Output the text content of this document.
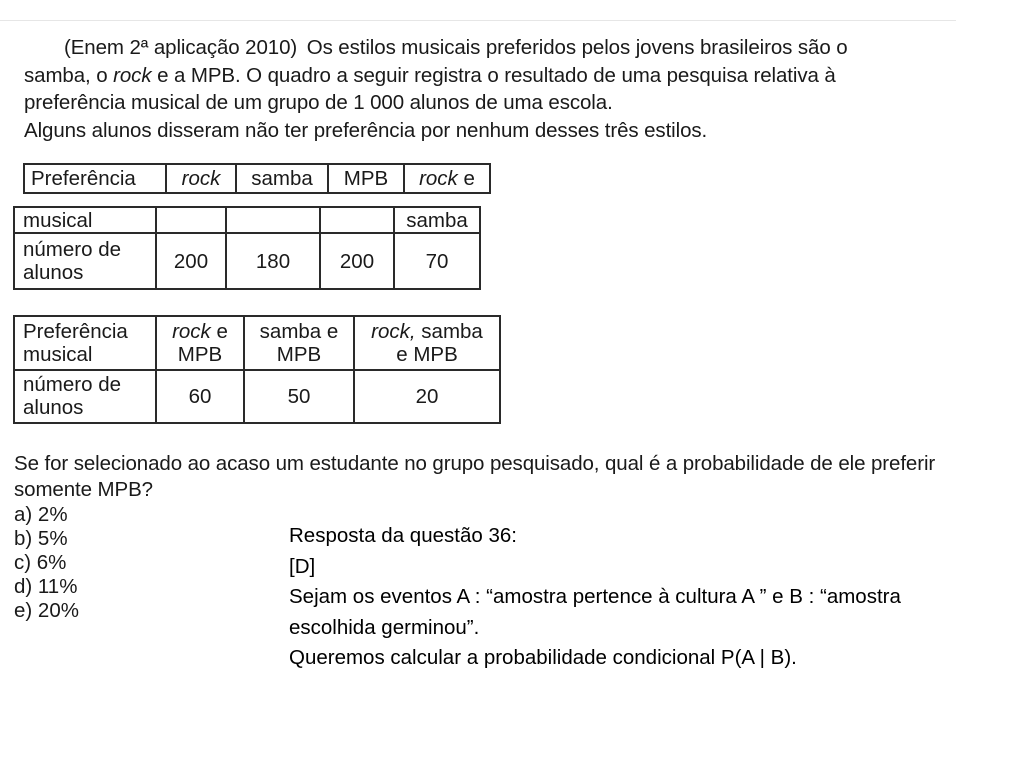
(Enem 2ª aplicação 2010) Os estilos musicais preferidos pelos jovens brasileiros são o

samba, o rock e a MPB. O quadro a seguir registra o resultado de uma pesquisa relativa à

preferência musical de um grupo de 1 000 alunos de uma escola.

Alguns alunos disseram não ter preferência por nenhum desses três estilos.

Preferência	rock	samba	MPB	rock e
musical				samba
número de alunos	200	180	200	70
Preferência musical	rock e MPB	samba e MPB	rock, samba e MPB
número de alunos	60	50	20
Se for selecionado ao acaso um estudante no grupo pesquisado, qual é a probabilidade de ele preferir somente MPB?
a) 2%
b) 5%
c) 6%
d) 11%
e) 20%
Resposta da questão 36:
[D]
Sejam os eventos A : “amostra pertence à cultura A ” e B : “amostra
escolhida germinou”.
Queremos calcular a probabilidade condicional P(A | B).
